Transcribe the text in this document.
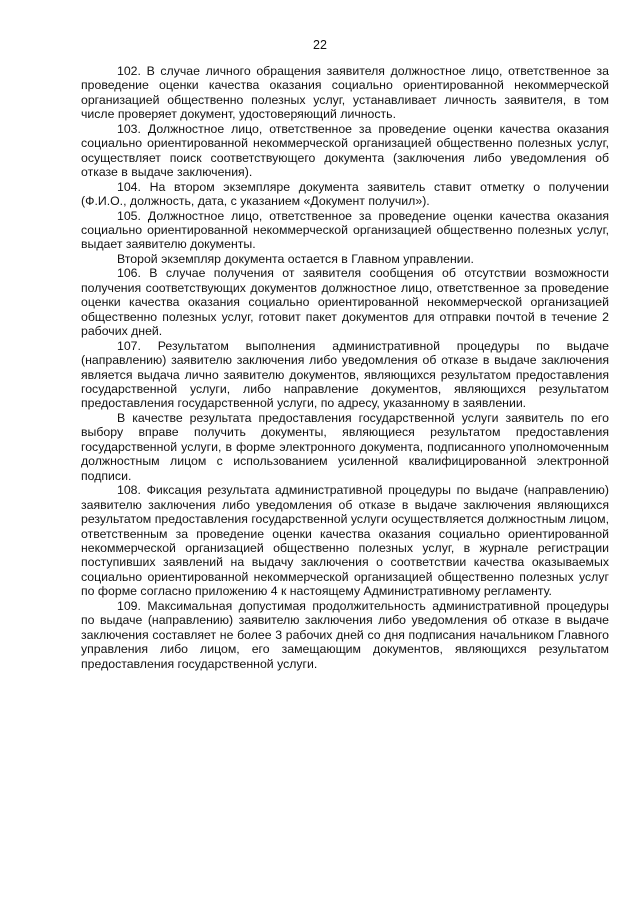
22

102. В случае личного обращения заявителя должностное лицо, ответственное за проведение оценки качества оказания социально ориентированной некоммерческой организацией общественно полезных услуг, устанавливает личность заявителя, в том числе проверяет документ, удостоверяющий личность.

103. Должностное лицо, ответственное за проведение оценки качества оказания социально ориентированной некоммерческой организацией общественно полезных услуг, осуществляет поиск соответствующего документа (заключения либо уведомления об отказе в выдаче заключения).

104. На втором экземпляре документа заявитель ставит отметку о получении (Ф.И.О., должность, дата, с указанием «Документ получил»).

105. Должностное лицо, ответственное за проведение оценки качества оказания социально ориентированной некоммерческой организацией общественно полезных услуг, выдает заявителю документы.

Второй экземпляр документа остается в Главном управлении.

106. В случае получения от заявителя сообщения об отсутствии возможности получения соответствующих документов должностное лицо, ответственное за проведение оценки качества оказания социально ориентированной некоммерческой организацией общественно полезных услуг, готовит пакет документов для отправки почтой в течение 2 рабочих дней.

107. Результатом выполнения административной процедуры по выдаче (направлению) заявителю заключения либо уведомления об отказе в выдаче заключения является выдача лично заявителю документов, являющихся результатом предоставления государственной услуги, либо направление документов, являющихся результатом предоставления государственной услуги, по адресу, указанному в заявлении.

В качестве результата предоставления государственной услуги заявитель по его выбору вправе получить документы, являющиеся результатом предоставления государственной услуги, в форме электронного документа, подписанного уполномоченным должностным лицом с использованием усиленной квалифицированной электронной подписи.

108. Фиксация результата административной процедуры по выдаче (направлению) заявителю заключения либо уведомления об отказе в выдаче заключения являющихся результатом предоставления государственной услуги осуществляется должностным лицом, ответственным за проведение оценки качества оказания социально ориентированной некоммерческой организацией общественно полезных услуг, в журнале регистрации поступивших заявлений на выдачу заключения о соответствии качества оказываемых социально ориентированной некоммерческой организацией общественно полезных услуг по форме согласно приложению 4 к настоящему Административному регламенту.

109. Максимальная допустимая продолжительность административной процедуры по выдаче (направлению) заявителю заключения либо уведомления об отказе в выдаче заключения составляет не более 3 рабочих дней со дня подписания начальником Главного управления либо лицом, его замещающим документов, являющихся результатом предоставления государственной услуги.
